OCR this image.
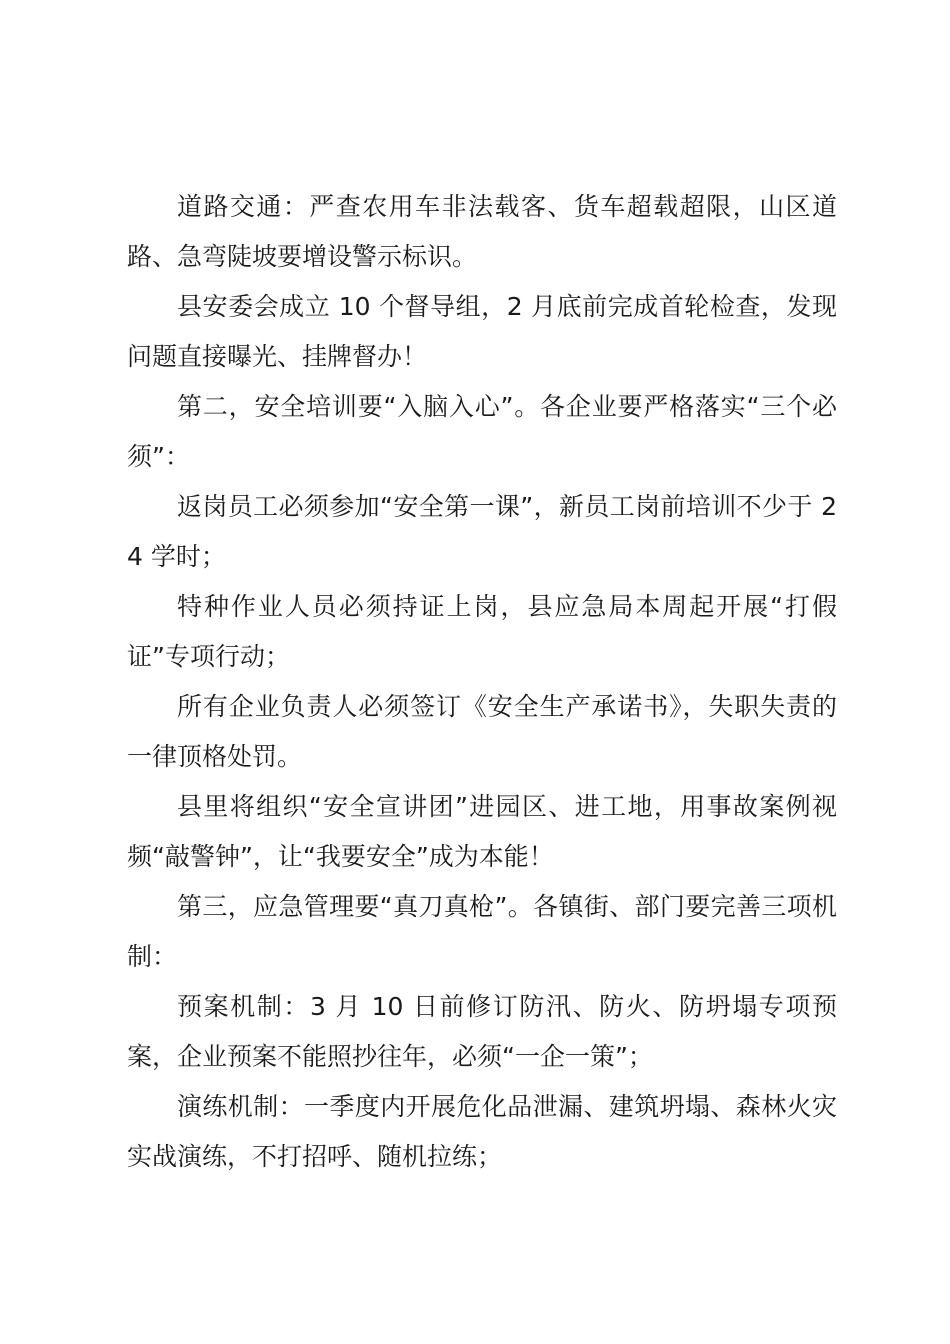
道路交通：严查农用车非法载客、货车超载超限，山区道路、急弯陡坡要增设警示标识。

县安委会成立 10 个督导组，2 月底前完成首轮检查，发现问题直接曝光、挂牌督办！

第二，安全培训要“入脑入心”。各企业要严格落实“三个必须”：

返岗员工必须参加“安全第一课”，新员工岗前培训不少于 24 学时；

特种作业人员必须持证上岗，县应急局本周起开展“打假证”专项行动；

所有企业负责人必须签订《安全生产承诺书》，失职失责的一律顶格处罚。

县里将组织“安全宣讲团”进园区、进工地，用事故案例视频“敲警钟”，让“我要安全”成为本能！

第三，应急管理要“真刀真枪”。各镇街、部门要完善三项机制：

预案机制：3 月 10 日前修订防汛、防火、防坍塌专项预案，企业预案不能照抄往年，必须“一企一策”；

演练机制：一季度内开展危化品泄漏、建筑坍塌、森林火灾实战演练，不打招呼、随机拉练；
